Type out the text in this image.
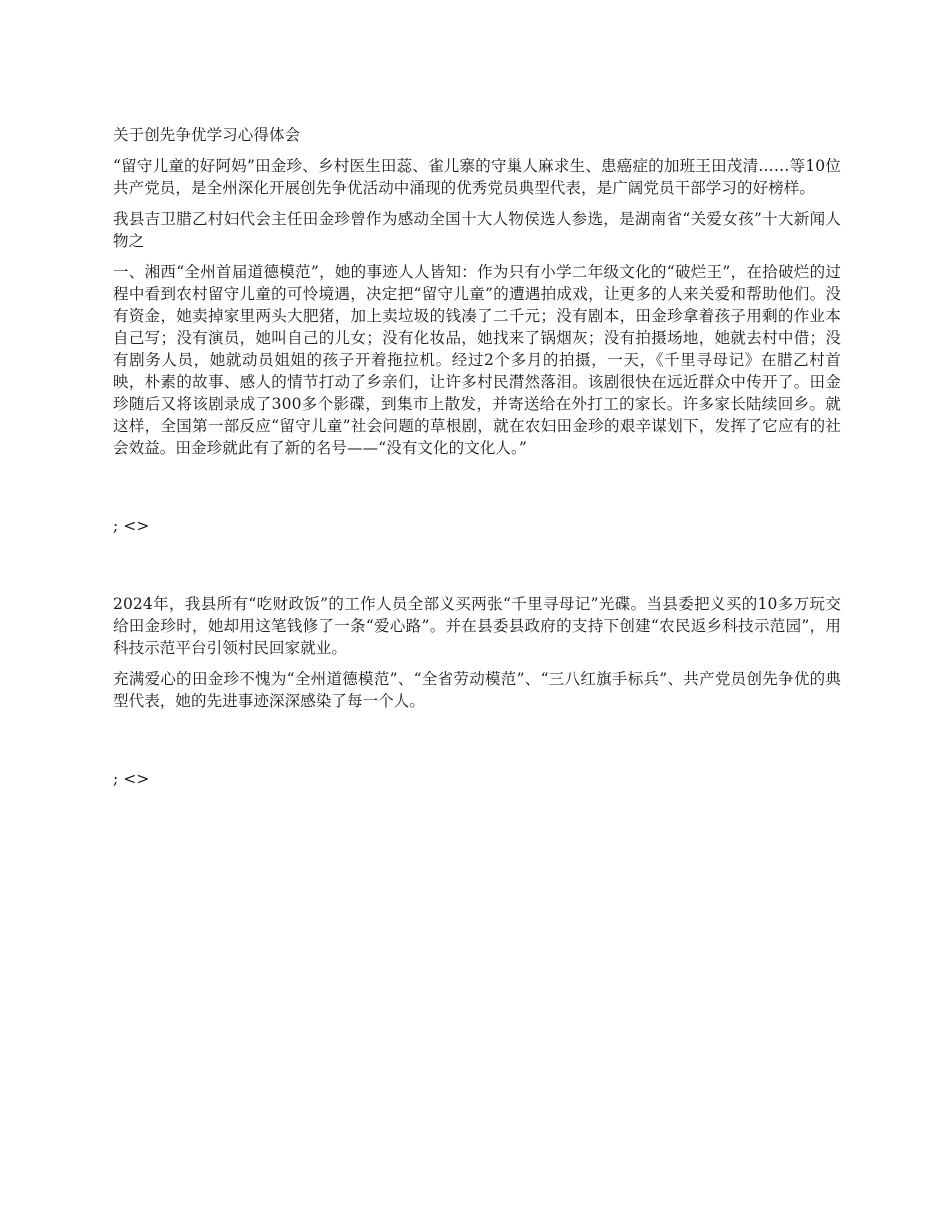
关于创先争优学习心得体会

“留守儿童的好阿妈”田金珍、乡村医生田蕊、雀儿寨的守巢人麻求生、患癌症的加班王田茂清……等10位共产党员，是全州深化开展创先争优活动中涌现的优秀党员典型代表，是广阔党员干部学习的好榜样。

我县吉卫腊乙村妇代会主任田金珍曾作为感动全国十大人物侯选人参选，是湖南省“关爱女孩”十大新闻人物之

一、湘西“全州首届道德模范”，她的事迹人人皆知：作为只有小学二年级文化的“破烂王”，在拾破烂的过程中看到农村留守儿童的可怜境遇，决定把“留守儿童”的遭遇拍成戏，让更多的人来关爱和帮助他们。没有资金，她卖掉家里两头大肥猪，加上卖垃圾的钱凑了二千元；没有剧本，田金珍拿着孩子用剩的作业本自己写；没有演员，她叫自己的儿女；没有化妆品，她找来了锅烟灰；没有拍摄场地，她就去村中借；没有剧务人员，她就动员姐姐的孩子开着拖拉机。经过2个多月的拍摄，一天，《千里寻母记》在腊乙村首映，朴素的故事、感人的情节打动了乡亲们，让许多村民潸然落泪。该剧很快在远近群众中传开了。田金珍随后又将该剧录成了300多个影碟，到集市上散发，并寄送给在外打工的家长。许多家长陆续回乡。就这样，全国第一部反应“留守儿童”社会问题的草根剧，就在农妇田金珍的艰辛谋划下，发挥了它应有的社会效益。田金珍就此有了新的名号——“没有文化的文化人。”

; <>

2024年，我县所有“吃财政饭”的工作人员全部义买两张“千里寻母记”光碟。当县委把义买的10多万玩交给田金珍时，她却用这笔钱修了一条“爱心路”。并在县委县政府的支持下创建“农民返乡科技示范园”，用科技示范平台引领村民回家就业。

充满爱心的田金珍不愧为“全州道德模范”、“全省劳动模范”、“三八红旗手标兵”、共产党员创先争优的典型代表，她的先进事迹深深感染了每一个人。

; <>
